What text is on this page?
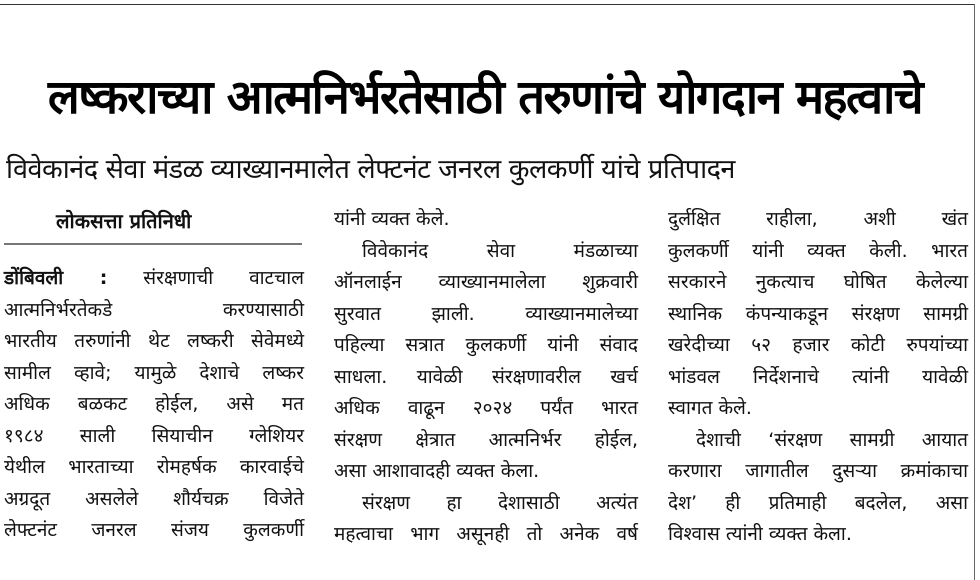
लष्कराच्या आत्मनिर्भरतेसाठी तरुणांचे योगदान महत्वाचे
विवेकानंद सेवा मंडळ व्याख्यानमालेत लेफ्टनंट जनरल कुलकर्णी यांचे प्रतिपादन
लोकसत्ता प्रतिनिधी

डोंबिवली : संरक्षणाची वाटचाल

आत्मनिर्भरतेकडे करण्यासाठी

भारतीय तरुणांनी थेट लष्करी सेवेमध्ये

सामील व्हावे; यामुळे देशाचे लष्कर

अधिक बळकट होईल, असे मत

१९८४ साली सियाचीन ग्लेशियर

येथील भारताच्या रोमहर्षक कारवाईचे

अग्रदूत असलेले शौर्यचक्र विजेते

लेफ्टनंट जनरल संजय कुलकर्णी

यांनी व्यक्त केले.

विवेकानंद सेवा मंडळाच्या

ऑनलाईन व्याख्यानमालेला शुक्रवारी

सुरवात झाली. व्याख्यानमालेच्या

पहिल्या सत्रात कुलकर्णी यांनी संवाद

साधला. यावेळी संरक्षणावरील खर्च

अधिक वाढून २०२४ पर्यंत भारत

संरक्षण क्षेत्रात आत्मनिर्भर होईल,

असा आशावादही व्यक्त केला.

संरक्षण हा देशासाठी अत्यंत

महत्वाचा भाग असूनही तो अनेक वर्ष

दुर्लक्षित राहीला, अशी खंत

कुलकर्णी यांनी व्यक्त केली. भारत

सरकारने नुकत्याच घोषित केलेल्या

स्थानिक कंपन्याकडून संरक्षण सामग्री

खरेदीच्या ५२ हजार कोटी रुपयांच्या

भांडवल निर्देशनाचे त्यांनी यावेळी

स्वागत केले.

देशाची ‘संरक्षण सामग्री आयात

करणारा जागातील दुसऱ्या क्रमांकाचा

देश’ ही प्रतिमाही बदलेल, असा

विश्वास त्यांनी व्यक्त केला.
